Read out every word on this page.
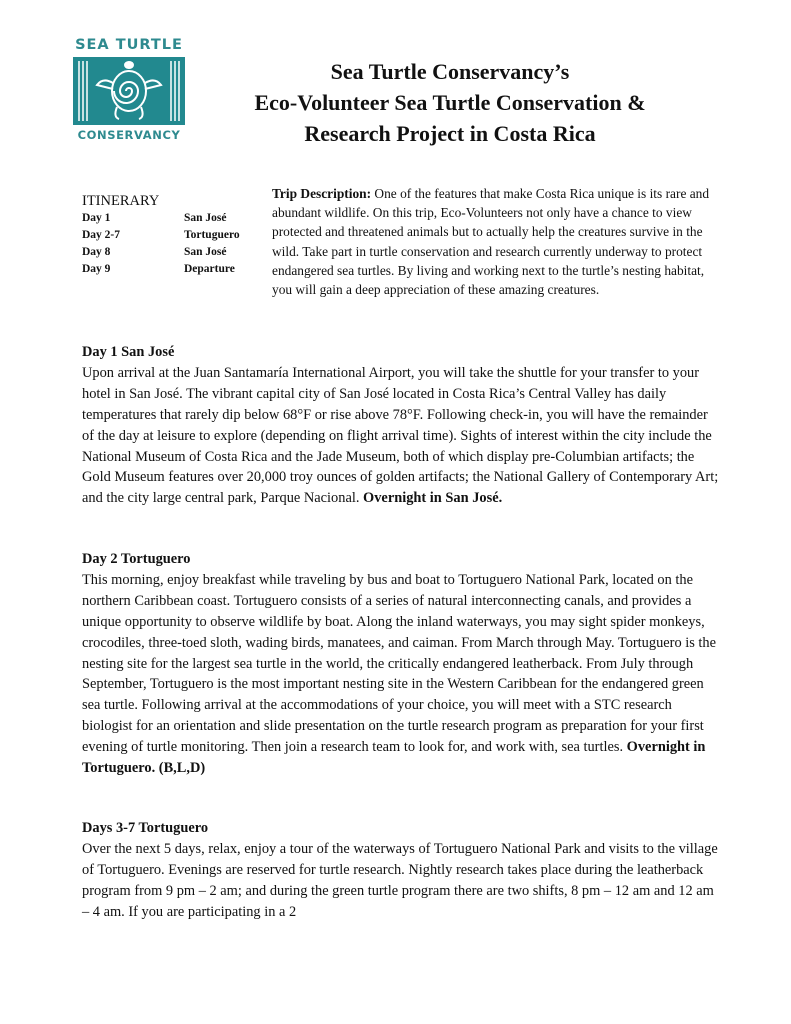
SEA TURTLE
CONSERVANCY
Sea Turtle Conservancy’s
Eco-Volunteer Sea Turtle Conservation &
Research Project in Costa Rica
ITINERARY
Day 1	San José
Day 2-7	Tortuguero
Day 8	San José
Day 9	Departure
Trip Description: One of the features that make Costa Rica unique is its rare and abundant wildlife. On this trip, Eco-Volunteers not only have a chance to view protected and threatened animals but to actually help the creatures survive in the wild. Take part in turtle conservation and research currently underway to protect endangered sea turtles. By living and working next to the turtle’s nesting habitat, you will gain a deep appreciation of these amazing creatures.
Day 1 San José

Upon arrival at the Juan Santamaría International Airport, you will take the shuttle for your transfer to your hotel in San José. The vibrant capital city of San José located in Costa Rica’s Central Valley has daily temperatures that rarely dip below 68°F or rise above 78°F. Following check-in, you will have the remainder of the day at leisure to explore (depending on flight arrival time). Sights of interest within the city include the National Museum of Costa Rica and the Jade Museum, both of which display pre-Columbian artifacts; the Gold Museum features over 20,000 troy ounces of golden artifacts; the National Gallery of Contemporary Art; and the city large central park, Parque Nacional. Overnight in San José.

Day 2 Tortuguero

This morning, enjoy breakfast while traveling by bus and boat to Tortuguero National Park, located on the northern Caribbean coast. Tortuguero consists of a series of natural interconnecting canals, and provides a unique opportunity to observe wildlife by boat. Along the inland waterways, you may sight spider monkeys, crocodiles, three-toed sloth, wading birds, manatees, and caiman. From March through May. Tortuguero is the nesting site for the largest sea turtle in the world, the critically endangered leatherback. From July through September, Tortuguero is the most important nesting site in the Western Caribbean for the endangered green sea turtle. Following arrival at the accommodations of your choice, you will meet with a STC research biologist for an orientation and slide presentation on the turtle research program as preparation for your first evening of turtle monitoring. Then join a research team to look for, and work with, sea turtles. Overnight in Tortuguero. (B,L,D)

Days 3-7 Tortuguero

Over the next 5 days, relax, enjoy a tour of the waterways of Tortuguero National Park and visits to the village of Tortuguero. Evenings are reserved for turtle research. Nightly research takes place during the leatherback program from 9 pm – 2 am; and during the green turtle program there are two shifts, 8 pm – 12 am and 12 am – 4 am. If you are participating in a 2
